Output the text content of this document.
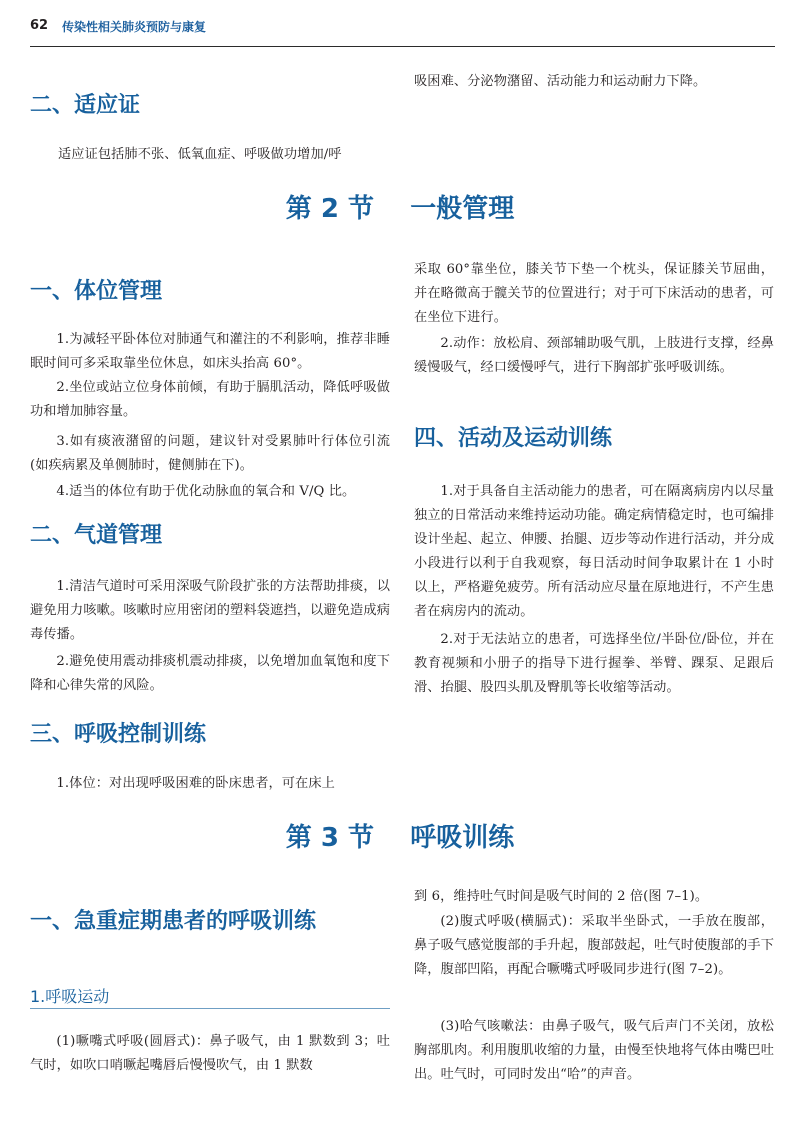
62 传染性相关肺炎预防与康复

吸困难、分泌物潴留、活动能力和运动耐力下降。

二、适应证

适应证包括肺不张、低氧血症、呼吸做功增加/呼

第 2 节    一般管理
一、体位管理

1.为减轻平卧体位对肺通气和灌注的不利影响，推荐非睡眠时间可多采取靠坐位休息，如床头抬高 60°。

2.坐位或站立位身体前倾，有助于膈肌活动，降低呼吸做功和增加肺容量。

3.如有痰液潴留的问题，建议针对受累肺叶行体位引流(如疾病累及单侧肺时，健侧肺在下)。

4.适当的体位有助于优化动脉血的氧合和 V/Q 比。

二、气道管理

1.清洁气道时可采用深吸气阶段扩张的方法帮助排痰，以避免用力咳嗽。咳嗽时应用密闭的塑料袋遮挡，以避免造成病毒传播。

2.避免使用震动排痰机震动排痰，以免增加血氧饱和度下降和心律失常的风险。

三、呼吸控制训练

1.体位：对出现呼吸困难的卧床患者，可在床上

采取 60°靠坐位，膝关节下垫一个枕头，保证膝关节屈曲，并在略微高于髋关节的位置进行；对于可下床活动的患者，可在坐位下进行。

2.动作：放松肩、颈部辅助吸气肌，上肢进行支撑，经鼻缓慢吸气，经口缓慢呼气，进行下胸部扩张呼吸训练。

四、活动及运动训练

1.对于具备自主活动能力的患者，可在隔离病房内以尽量独立的日常活动来维持运动功能。确定病情稳定时，也可编排设计坐起、起立、伸腰、抬腿、迈步等动作进行活动，并分成小段进行以利于自我观察，每日活动时间争取累计在 1 小时以上，严格避免疲劳。所有活动应尽量在原地进行，不产生患者在病房内的流动。

2.对于无法站立的患者，可选择坐位/半卧位/卧位，并在教育视频和小册子的指导下进行握拳、举臂、踝泵、足跟后滑、抬腿、股四头肌及臀肌等长收缩等活动。

第 3 节    呼吸训练
一、急重症期患者的呼吸训练
1.呼吸运动

(1)噘嘴式呼吸(圆唇式)：鼻子吸气，由 1 默数到 3；吐气时，如吹口哨噘起嘴唇后慢慢吹气，由 1 默数

到 6，维持吐气时间是吸气时间的 2 倍(图 7–1)。

(2)腹式呼吸(横膈式)：采取半坐卧式，一手放在腹部，鼻子吸气感觉腹部的手升起，腹部鼓起，吐气时使腹部的手下降，腹部凹陷，再配合噘嘴式呼吸同步进行(图 7–2)。

(3)哈气咳嗽法：由鼻子吸气，吸气后声门不关闭，放松胸部肌肉。利用腹肌收缩的力量，由慢至快地将气体由嘴巴吐出。吐气时，可同时发出“哈”的声音。
